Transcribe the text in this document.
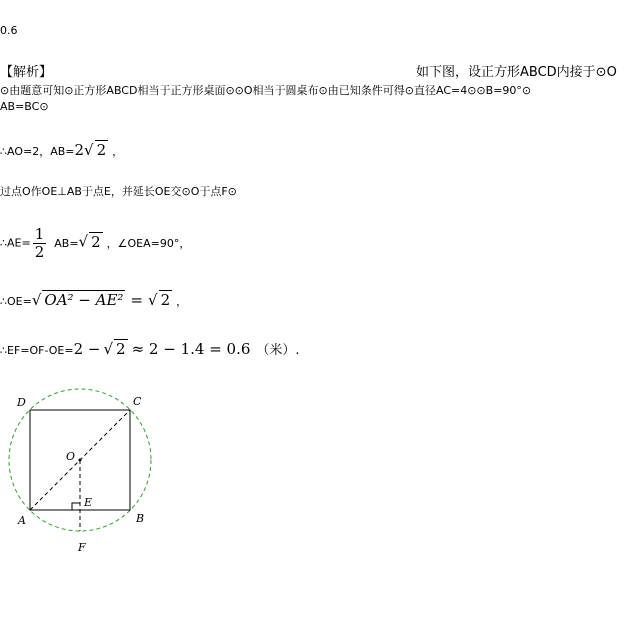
0.6
【解析】	如下图，设正方形ABCD内接于⊙O
⊙由题意可知⊙正方形ABCD相当于正方形桌面⊙⊙O相当于圆桌布⊙由已知条件可得⊙直径AC=4⊙⊙B=90°⊙
AB=BC⊙
∴AO=2，AB=2√ 2 ，
过点O作OE⊥AB于点E，并延长OE交⊙O于点F⊙
∴AE= $\frac{1}{2} AB=√$ 2 ，∠OEA=90°，
∴OE=√ OA² − AE² = √ 2 ，
∴EF=OF-OE=2 − √ 2 ≈ 2 − 1.4 = 0.6 （米）.
A	B
C
D
O
E
F
